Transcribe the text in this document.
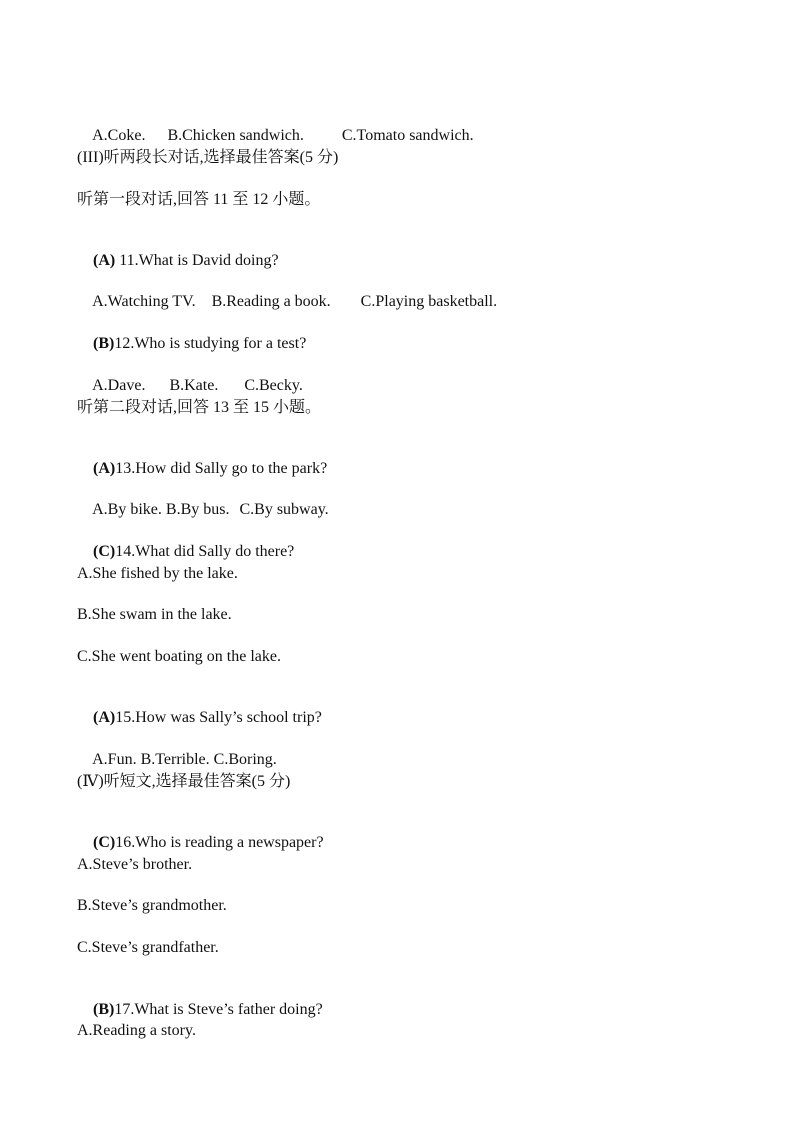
A.Coke. B.Chicken sandwich. C.Tomato sandwich.

(III)听两段长对话,选择最佳答案(5 分)
听第一段对话,回答 11 至 12 小题。

(A) 11.What is David doing?

A.Watching TV. B.Reading a book. C.Playing basketball.

(B)12.Who is studying for a test?

A.Dave. B.Kate. C.Becky.

听第二段对话,回答 13 至 15 小题。

(A)13.How did Sally go to the park?

A.By bike. B.By bus. C.By subway.

(C)14.What did Sally do there?

A.She fished by the lake.
B.She swam in the lake.
C.She went boating on the lake.

(A)15.How was Sally’s school trip?

A.Fun. B.Terrible. C.Boring.

(Ⅳ)听短文,选择最佳答案(5 分)

(C)16.Who is reading a newspaper?

A.Steve’s brother.
B.Steve’s grandmother.
C.Steve’s grandfather.

(B)17.What is Steve’s father doing?

A.Reading a story.
